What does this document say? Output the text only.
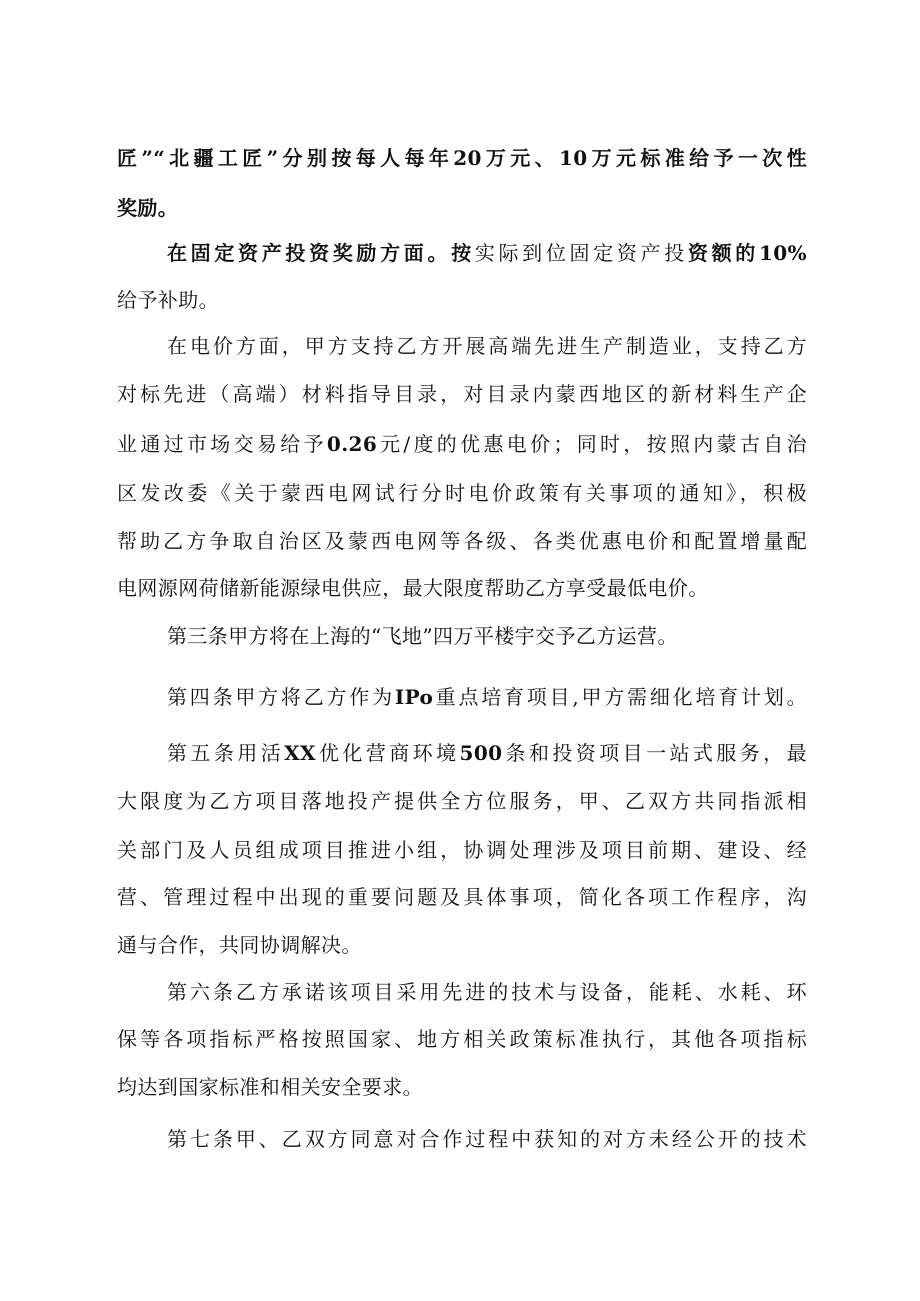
匠”“北疆工匠”分别按每人每年20万元、10万元标准给予一次性
奖励。
在固定资产投资奖励方面。按实际到位固定资产投资额的10%
给予补助。
在电价方面，甲方支持乙方开展高端先进生产制造业，支持乙方
对标先进（高端）材料指导目录，对目录内蒙西地区的新材料生产企
业通过市场交易给予0.26元/度的优惠电价；同时，按照内蒙古自治
区发改委《关于蒙西电网试行分时电价政策有关事项的通知》，积极
帮助乙方争取自治区及蒙西电网等各级、各类优惠电价和配置增量配
电网源网荷储新能源绿电供应，最大限度帮助乙方享受最低电价。
第三条甲方将在上海的“飞地”四万平楼宇交予乙方运营。
第四条甲方将乙方作为IPo重点培育项目,甲方需细化培育计划。
第五条用活XX优化营商环境500条和投资项目一站式服务，最
大限度为乙方项目落地投产提供全方位服务，甲、乙双方共同指派相
关部门及人员组成项目推进小组，协调处理涉及项目前期、建设、经
营、管理过程中出现的重要问题及具体事项，简化各项工作程序，沟
通与合作，共同协调解决。
第六条乙方承诺该项目采用先进的技术与设备，能耗、水耗、环
保等各项指标严格按照国家、地方相关政策标准执行，其他各项指标
均达到国家标准和相关安全要求。
第七条甲、乙双方同意对合作过程中获知的对方未经公开的技术
